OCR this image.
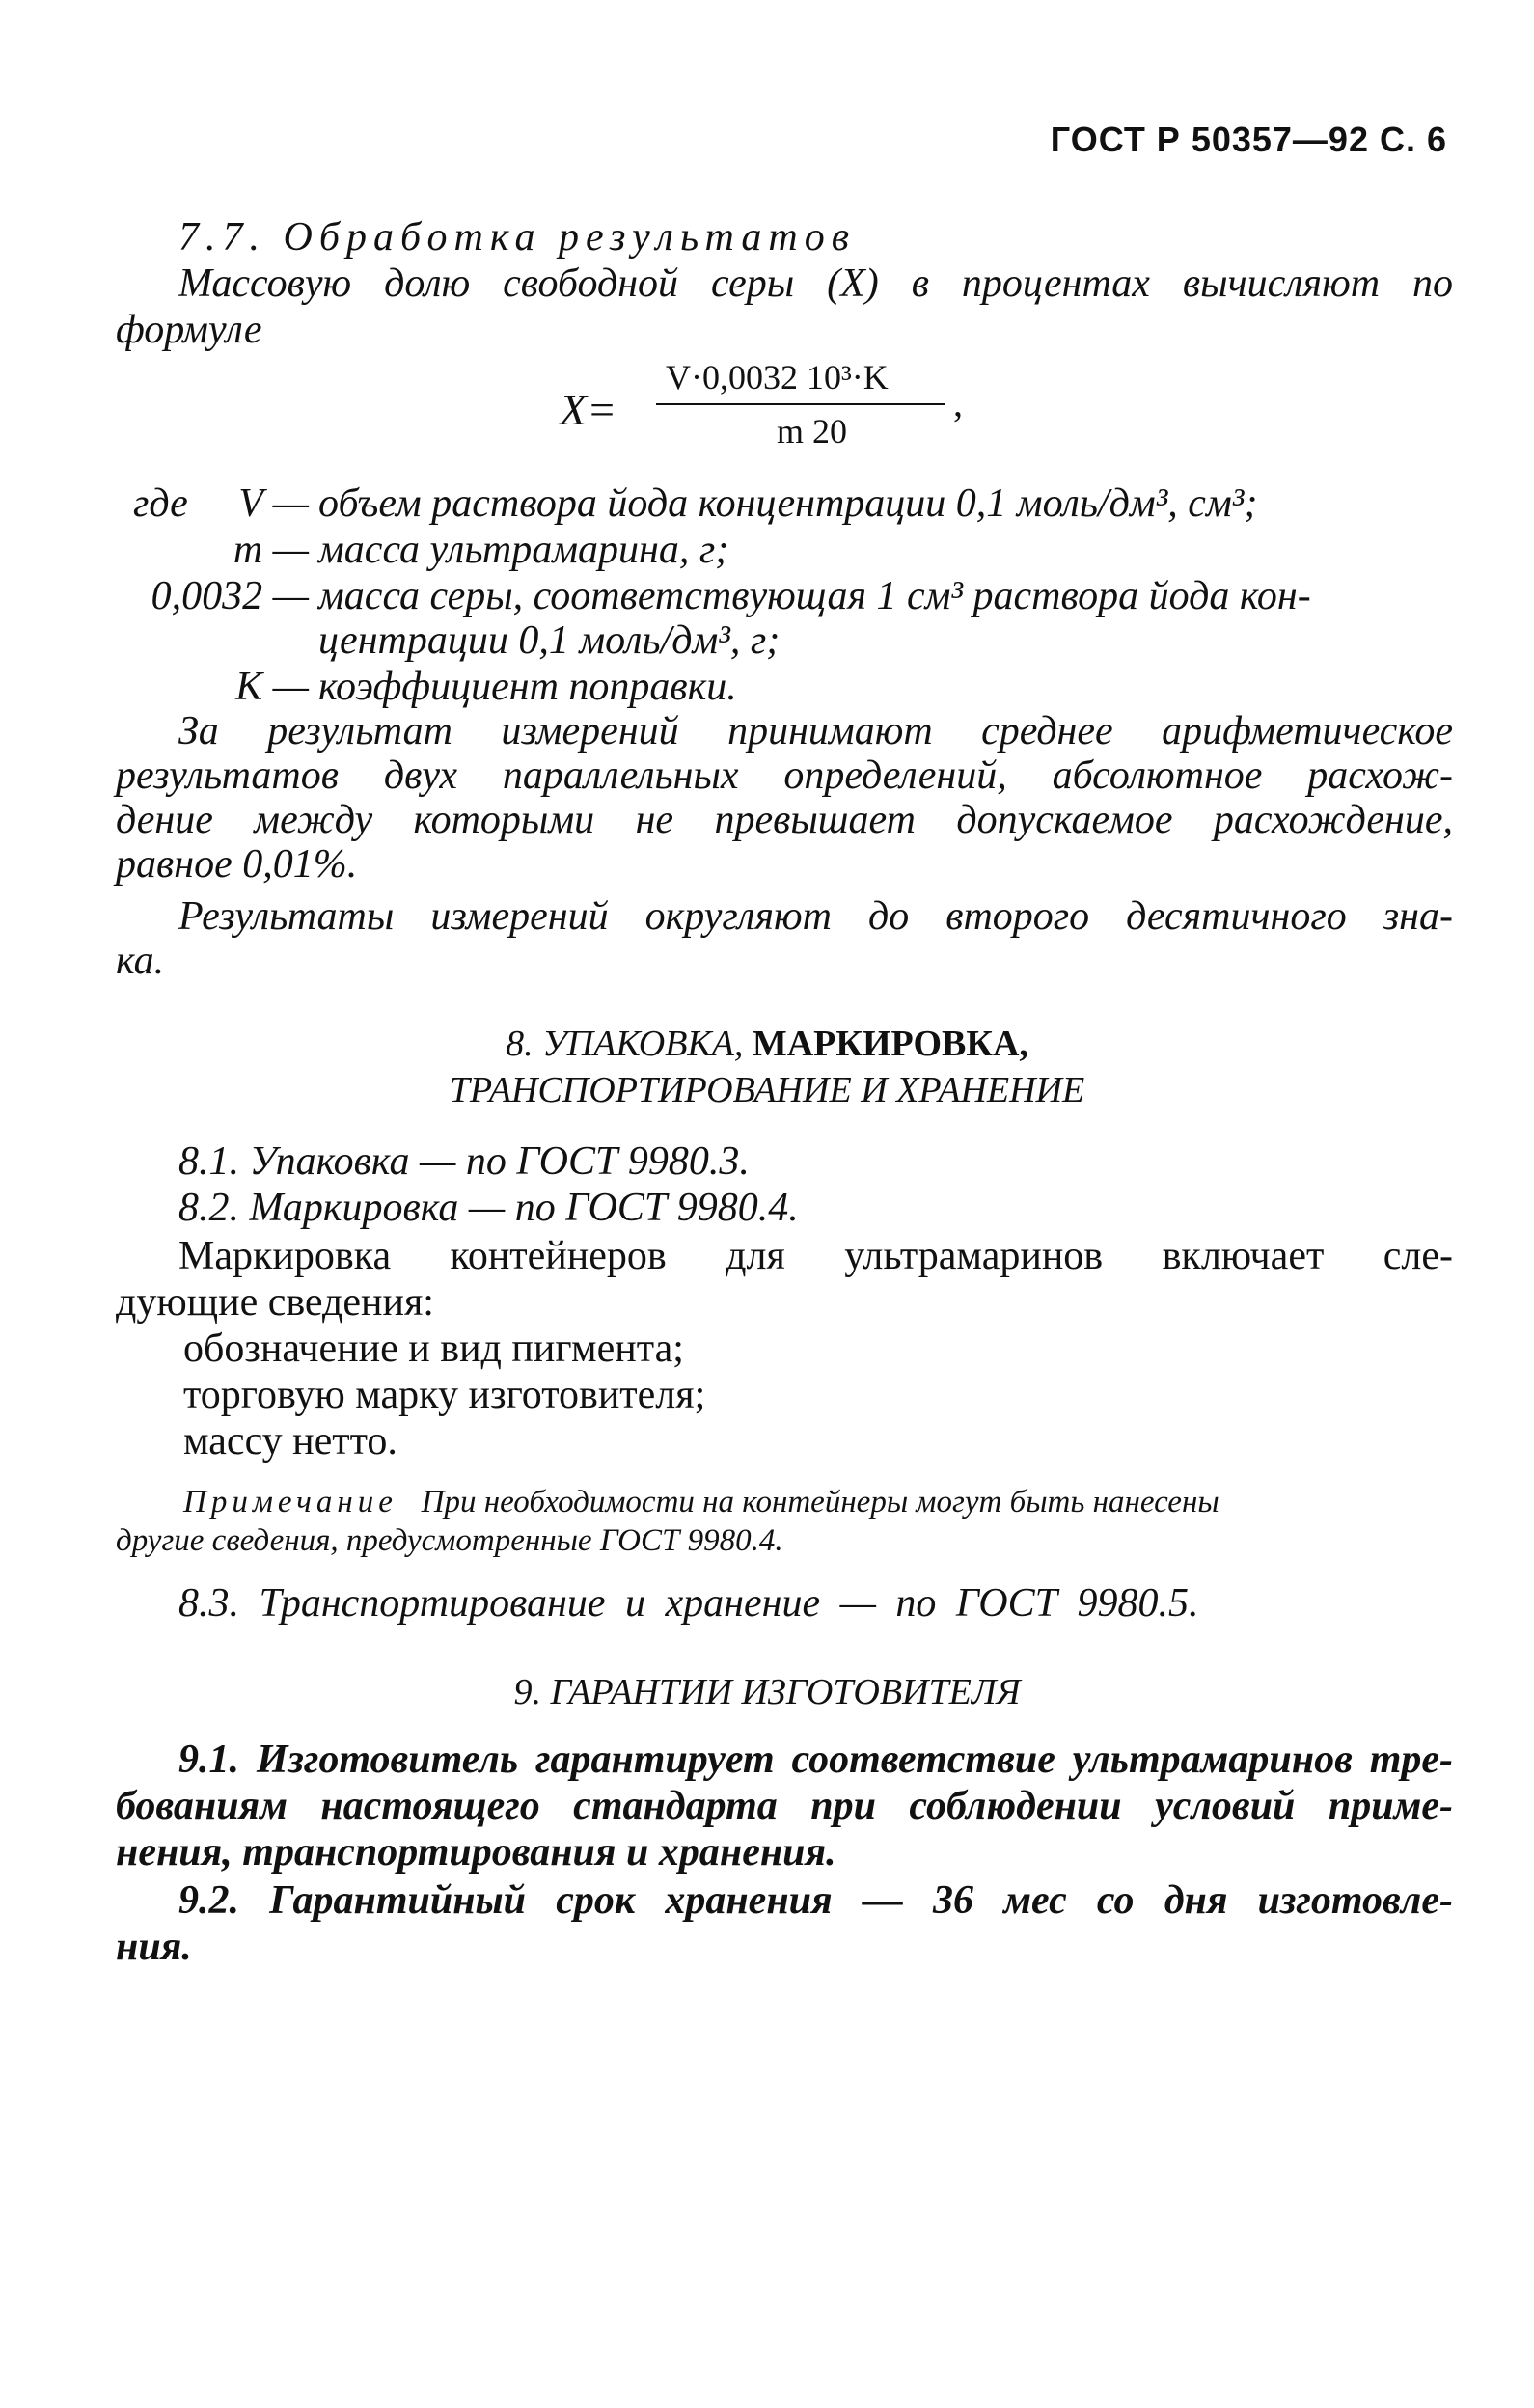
ГОСТ Р 50357—92 С. 6
7.7. Обработка результатов
Массовую долю свободной серы (X) в процентах вычисляют по
формуле
X=
V·0,0032 10³·K
m 20
,
где	V — объем раствора йода концентрации 0,1 моль/дм³, см³;
m — масса ультрамарина, г;
0,0032 — масса серы, соответствующая 1 см³ раствора йода кон-
центрации 0,1 моль/дм³, г;
K — коэффициент поправки.
За результат измерений принимают среднее арифметическое
результатов двух параллельных определений, абсолютное расхож-
дение между которыми не превышает допускаемое расхождение,
равное 0,01%.
Результаты измерений округляют до второго десятичного зна-
ка.
8. УПАКОВКА, МАРКИРОВКА,
ТРАНСПОРТИРОВАНИЕ И ХРАНЕНИЕ
8.1. Упаковка — по ГОСТ 9980.3.
8.2. Маркировка — по ГОСТ 9980.4.
Маркировка контейнеров для ультрамаринов включает сле-
дующие сведения:
обозначение и вид пигмента;
торговую марку изготовителя;
массу нетто.
Примечание При необходимости на контейнеры могут быть нанесены
другие сведения, предусмотренные ГОСТ 9980.4.
8.3. Транспортирование и хранение — по ГОСТ 9980.5.
9. ГАРАНТИИ ИЗГОТОВИТЕЛЯ
9.1. Изготовитель гарантирует соответствие ультрамаринов тре-
бованиям настоящего стандарта при соблюдении условий приме-
нения, транспортирования и хранения.
9.2. Гарантийный срок хранения — 36 мес со дня изготовле-
ния.
